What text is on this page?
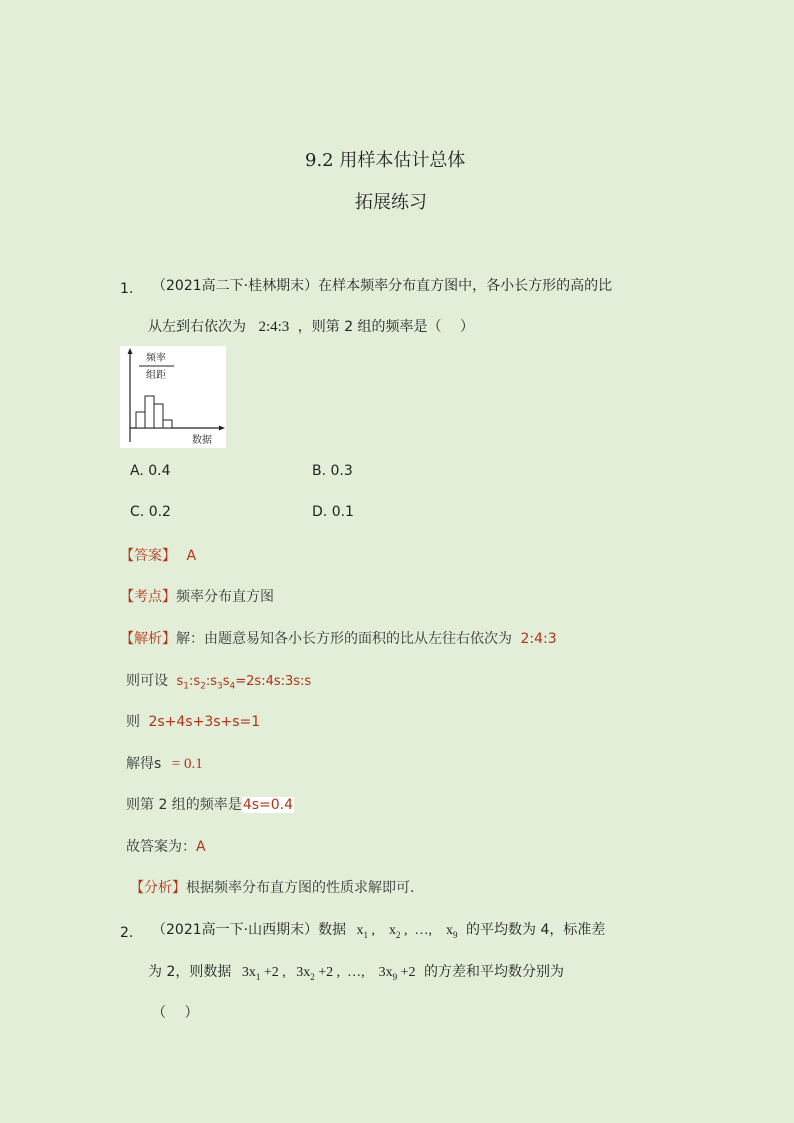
9.2 用样本估计总体
拓展练习
1. （2021高二下·桂林期末）在样本频率分布直方图中，各小长方形的高的比
从左到右依次为 2:4:3 ，则第 2 组的频率是（　 ）
频率
组距
数据
A. 0.4	B. 0.3
C. 0.2	D. 0.1
【答案】 A
【考点】频率分布直方图
【解析】解：由题意易知各小长方形的面积的比从左往右依次为 2:4:3
则可设 $s_1:s_2:s_3s_4=2s:4s:3s:s$
则 2s+4s+3s+s=1
解得s = 0.1
则第 2 组的频率是4s=0.4
故答案为：A
【分析】根据频率分布直方图的性质求解即可.
2. （2021高一下·山西期末）数据 $x_1$ ,    $x_2$ ,  …,    $x_9$ 的平均数为 4，标准差
为 2，则数据 $3x_1 +2$ ,   $3x_2 +2$ ,  …,    $3x_9 +2$ 的方差和平均数分别为
（　 ）
